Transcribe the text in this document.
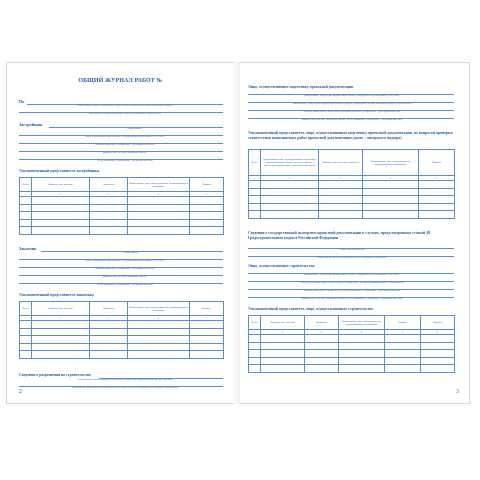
ОБЩИЙ ЖУРНАЛ РАБОТ №
По
(наименование объекта капитального строительства в соответствии с проектной документацией)
(почтовый или строительный адрес объекта капитального строительства)
Застройщик
(наименование,
номер и дата выдачи свидетельства о государственной регистрации, ОГРН, ИНН
почтовые реквизиты, телефон/факс – для юридических лиц;
фамилия, имя, отчество, паспортные данные,
место проживания, телефон/факс – для физических лиц)
Уполномоченный представитель застройщика
№ п/п	Фамилия, имя, отчество	Должность	Наименование, дата, номер документа, подтверждающего полномочие	Подпись
1	2	3	4	5

Заказчик
(наименование,
номер и дата выдачи свидетельства о государственной регистрации, ОГРН, ИНН
почтовые реквизиты, телефон/факс – для юридических лиц;
фамилия, имя, отчество, паспортные данные,
место проживания, телефон/факс – для физических лиц)
Уполномоченный представитель заказчика
№ п/п	Фамилия, имя, отчество	Должность	Наименование, дата, номер документа, подтверждающего полномочие	Подпись
1	2	3	4	5

Сведения о разрешении на строительство
(наименование органа, выдавшего разрешение, номер и дата выдачи разрешения, срок действия
наименование органа исполнительной власти или органа местного самоуправления, выдавшего разрешение)
2
Лицо, осуществляющее подготовку проектной документации
(наименование, номер и дата выдачи свидетельства о государственной регистрации, ОГРН, ИНН,
наименование, номер и дата выдачи свидетельства о допуске к видам работ, которые оказывают влияние на безопасность
объектов капитального строительства, почтовые реквизиты, телефон/факс – для юридических лиц;
фамилия, имя, отчество, паспортные данные, место проживания, телефон/факс – для физических лиц)
Уполномоченный представитель лица, осуществляющего подготовку проектной документации, по вопросам проверки соответствия выполняемых работ проектной документации (далее – авторского надзора)
№ п/п	Наименование лица, осуществляющего подготовку проектной документации, сведения о разделе проектной документации, подготовленном лицом	Фамилия, имя, отчество, должность	Наименование, дата, номер документа, подтверждающего полномочие	Подпись
1	2	3	4	5

Сведения о государственной экспертизе проектной документации в случаях, предусмотренных статьей 49 Градостроительного кодекса Российской Федерации
(номер, дата заключения)
(наименование органа исполнительной власти, выдавшего заключение)
Лицо, осуществляющее строительство
(наименование, номер и дата выдачи свидетельства о государственной регистрации, ОГРН, ИНН,
номер и дата выдачи свидетельства о допуске к видам работ, которые оказывают влияние на безопасность
объектов капитального строительства, почтовые реквизиты, телефон/факс – для юридических лиц;
фамилия, имя, отчество, паспортные данные, место проживания, телефон/факс – для физических лиц)
Уполномоченный представитель лица, осуществляющего строительство
№ п/п	Фамилия, имя, отчество	Должность	Наименование, дата, номер документа, подтверждающего полномочие	Подпись	Подпись
1	2	3	4	5	6

3
